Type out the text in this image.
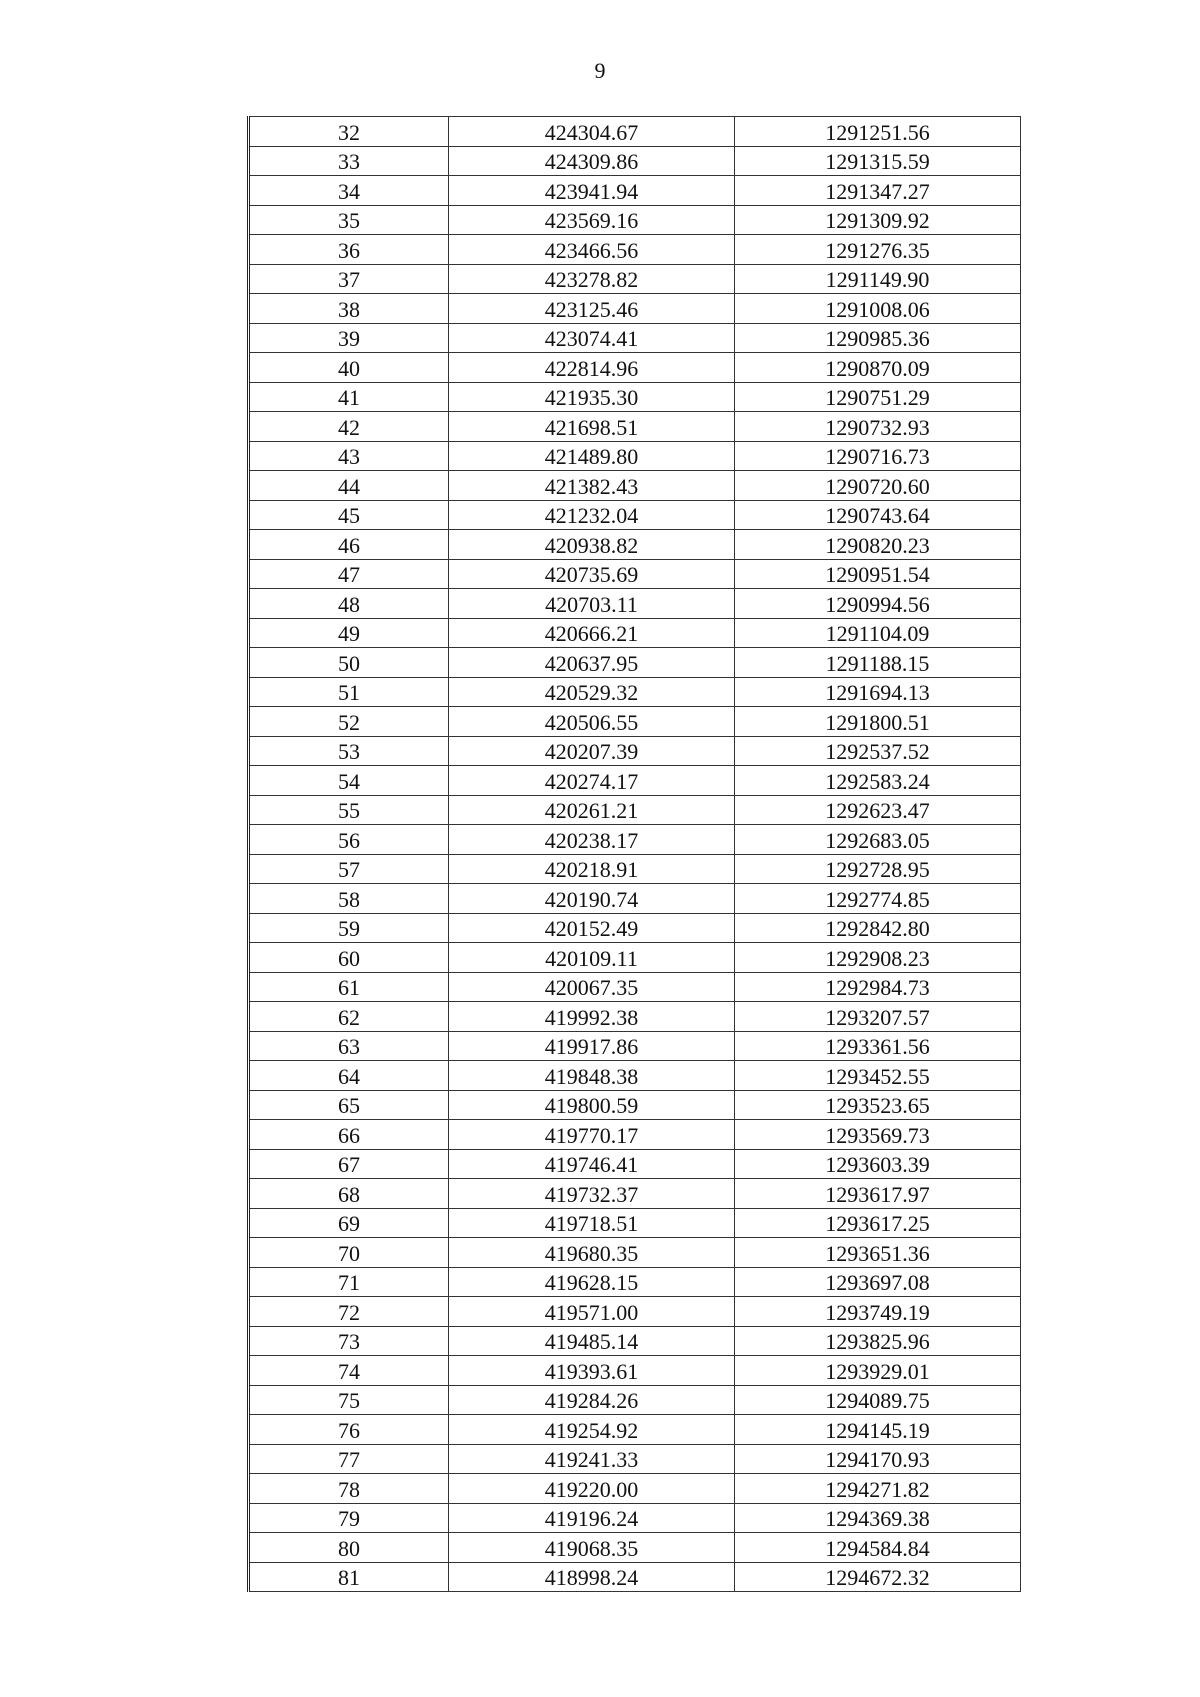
9
32	424304.67	1291251.56
33	424309.86	1291315.59
34	423941.94	1291347.27
35	423569.16	1291309.92
36	423466.56	1291276.35
37	423278.82	1291149.90
38	423125.46	1291008.06
39	423074.41	1290985.36
40	422814.96	1290870.09
41	421935.30	1290751.29
42	421698.51	1290732.93
43	421489.80	1290716.73
44	421382.43	1290720.60
45	421232.04	1290743.64
46	420938.82	1290820.23
47	420735.69	1290951.54
48	420703.11	1290994.56
49	420666.21	1291104.09
50	420637.95	1291188.15
51	420529.32	1291694.13
52	420506.55	1291800.51
53	420207.39	1292537.52
54	420274.17	1292583.24
55	420261.21	1292623.47
56	420238.17	1292683.05
57	420218.91	1292728.95
58	420190.74	1292774.85
59	420152.49	1292842.80
60	420109.11	1292908.23
61	420067.35	1292984.73
62	419992.38	1293207.57
63	419917.86	1293361.56
64	419848.38	1293452.55
65	419800.59	1293523.65
66	419770.17	1293569.73
67	419746.41	1293603.39
68	419732.37	1293617.97
69	419718.51	1293617.25
70	419680.35	1293651.36
71	419628.15	1293697.08
72	419571.00	1293749.19
73	419485.14	1293825.96
74	419393.61	1293929.01
75	419284.26	1294089.75
76	419254.92	1294145.19
77	419241.33	1294170.93
78	419220.00	1294271.82
79	419196.24	1294369.38
80	419068.35	1294584.84
81	418998.24	1294672.32
